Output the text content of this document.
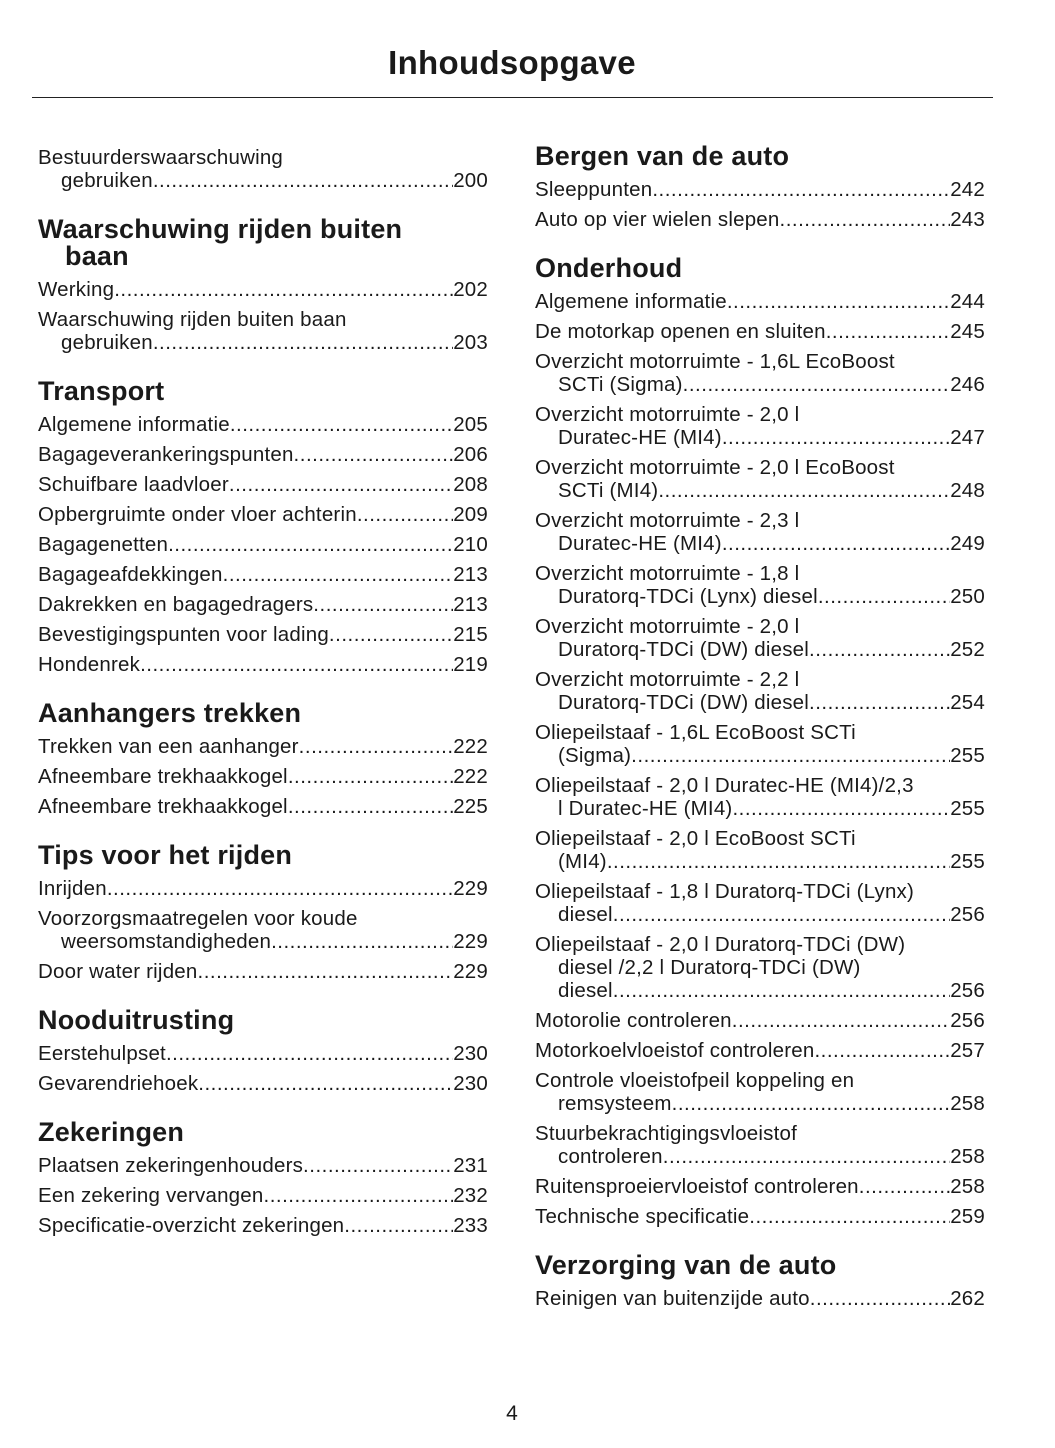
Inhoudsopgave
Bestuurderswaarschuwing
gebruiken .....	200
Waarschuwing rijden buiten
baan
Werking .....	202
Waarschuwing rijden buiten baan
gebruiken .....	203
Transport
Algemene informatie .....	205
Bagageverankeringspunten .....	206
Schuifbare laadvloer .....	208
Opbergruimte onder vloer achterin .....	209
Bagagenetten .....	210
Bagageafdekkingen .....	213
Dakrekken en bagagedragers .....	213
Bevestigingspunten voor lading .....	215
Hondenrek .....	219
Aanhangers trekken
Trekken van een aanhanger .....	222
Afneembare trekhaakkogel .....	222
Afneembare trekhaakkogel .....	225
Tips voor het rijden
Inrijden .....	229
Voorzorgsmaatregelen voor koude
weersomstandigheden .....	229
Door water rijden .....	229
Nooduitrusting
Eerstehulpset .....	230
Gevarendriehoek .....	230
Zekeringen
Plaatsen zekeringenhouders .....	231
Een zekering vervangen .....	232
Specificatie-overzicht zekeringen .....	233
Bergen van de auto
Sleeppunten .....	242
Auto op vier wielen slepen .....	243
Onderhoud
Algemene informatie .....	244
De motorkap openen en sluiten .....	245
Overzicht motorruimte - 1,6L EcoBoost
SCTi (Sigma) .....	246
Overzicht motorruimte - 2,0 l
Duratec-HE (MI4) .....	247
Overzicht motorruimte - 2,0 l EcoBoost
SCTi (MI4) .....	248
Overzicht motorruimte - 2,3 l
Duratec-HE (MI4) .....	249
Overzicht motorruimte - 1,8 l
Duratorq-TDCi (Lynx) diesel .....	250
Overzicht motorruimte - 2,0 l
Duratorq-TDCi (DW) diesel .....	252
Overzicht motorruimte - 2,2 l
Duratorq-TDCi (DW) diesel .....	254
Oliepeilstaaf - 1,6L EcoBoost SCTi
(Sigma) .....	255
Oliepeilstaaf - 2,0 l Duratec-HE (MI4)/2,3
l Duratec-HE (MI4) .....	255
Oliepeilstaaf - 2,0 l EcoBoost SCTi
(MI4) .....	255
Oliepeilstaaf - 1,8 l Duratorq-TDCi (Lynx)
diesel .....	256
Oliepeilstaaf - 2,0 l Duratorq-TDCi (DW)
diesel /2,2 l Duratorq-TDCi (DW)
diesel .....	256
Motorolie controleren .....	256
Motorkoelvloeistof controleren .....	257
Controle vloeistofpeil koppeling en
remsysteem .....	258
Stuurbekrachtigingsvloeistof
controleren .....	258
Ruitensproeiervloeistof controleren .....	258
Technische specificatie .....	259
Verzorging van de auto
Reinigen van buitenzijde auto .....	262
4
